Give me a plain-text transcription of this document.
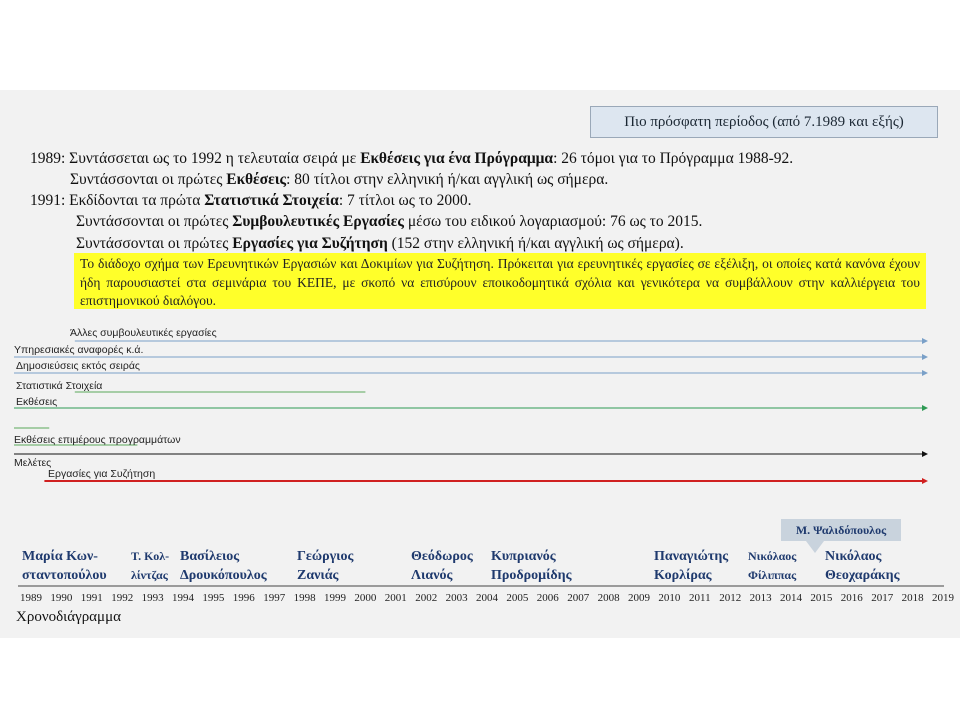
Πιο πρόσφατη περίοδος (από 7.1989 και εξής)
1989: Συντάσσεται ως το 1992 η τελευταία σειρά με Εκθέσεις για ένα Πρόγραμμα: 26 τόμοι για το Πρόγραμμα 1988-92.
Συντάσσονται οι πρώτες Εκθέσεις: 80 τίτλοι στην ελληνική ή/και αγγλική ως σήμερα.
1991: Εκδίδονται τα πρώτα Στατιστικά Στοιχεία: 7 τίτλοι ως το 2000.
Συντάσσονται οι πρώτες Συμβουλευτικές Εργασίες μέσω του ειδικού λογαριασμού: 76 ως το 2015.
Συντάσσονται οι πρώτες Εργασίες για Συζήτηση (152 στην ελληνική ή/και αγγλική ως σήμερα).
Το διάδοχο σχήμα των Ερευνητικών Εργασιών και Δοκιμίων για Συζήτηση. Πρόκειται για ερευνητικές εργασίες σε εξέλιξη, οι οποίες κατά κανόνα έχουν ήδη παρουσιαστεί στα σεμινάρια του ΚΕΠΕ, με σκοπό να επισύρουν εποικοδομητικά σχόλια και γενικότερα να συμβάλλουν στην καλλιέργεια του επιστημονικού διαλόγου.
Άλλες συμβουλευτικές εργασίες
Υπηρεσιακές αναφορές κ.ά.
Δημοσιεύσεις εκτός σειράς
Στατιστικά Στοιχεία
Εκθέσεις
Εκθέσεις επιμέρους προγραμμάτων
Μελέτες
Εργασίες για Συζήτηση
Μ. Ψαλιδόπουλος
Μαρία Κων-
σταντοπούλου
Τ. Κολ-
λίντζας
Βασίλειος
Δρουκόπουλος
Γεώργιος
Ζανιάς
Θεόδωρος
Λιανός
Κυπριανός
Προδρομίδης
Παναγιώτης
Κορλίρας
Νικόλαος
Φίλιππας
Νικόλαος
Θεοχαράκης
1989 1990 1991 1992 1993 1994 1995 1996 1997 1998 1999 2000 2001 2002 2003 2004 2005 2006 2007 2008 2009 2010 2011 2012 2013 2014 2015 2016 2017 2018 2019
Χρονοδιάγραμμα
